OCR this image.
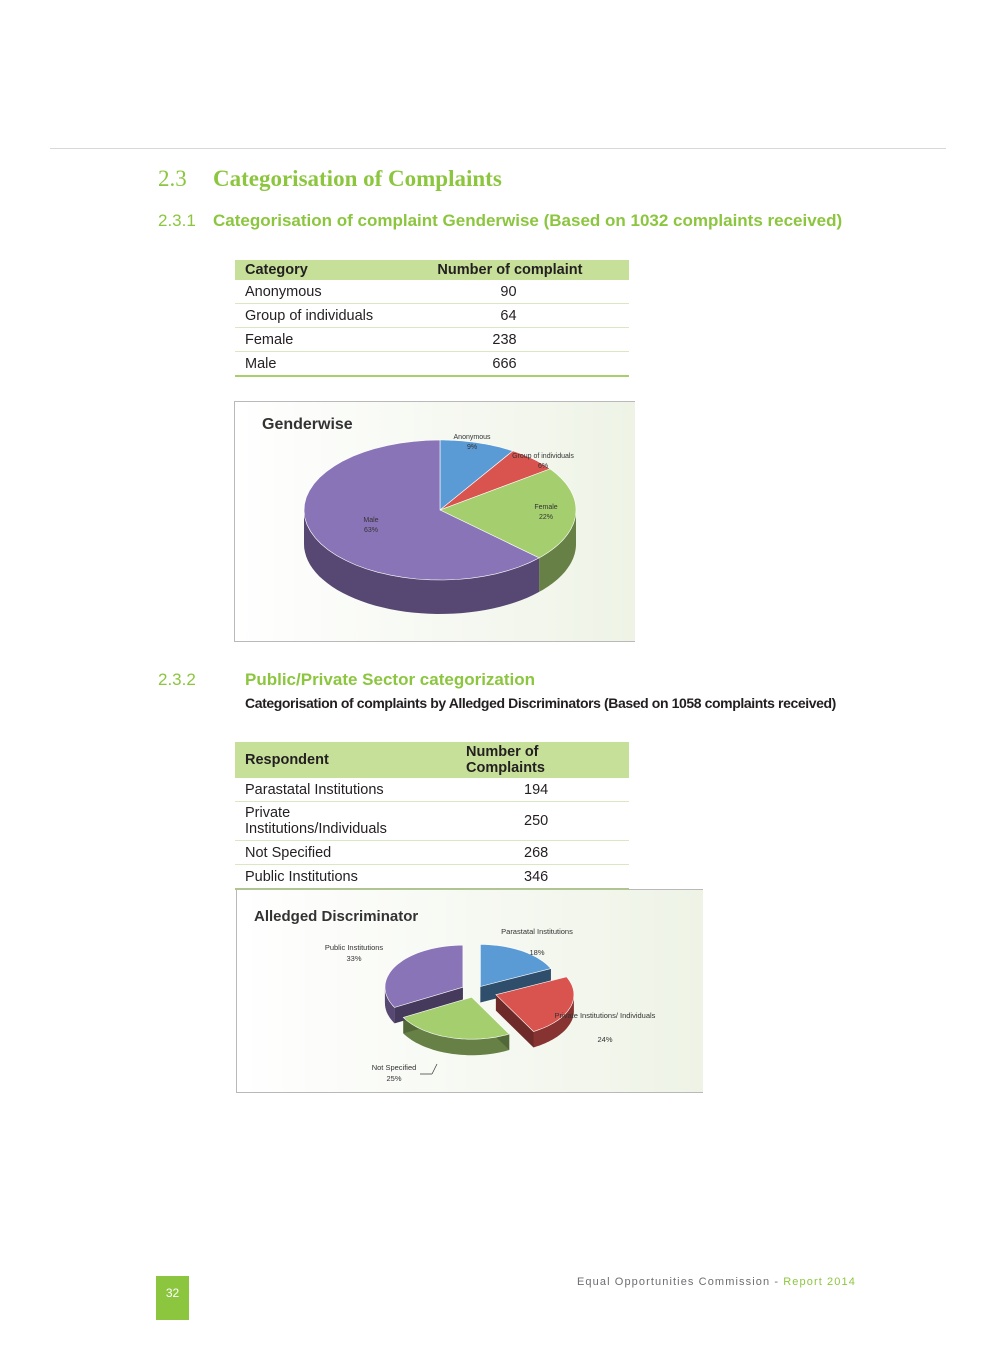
2.3 Categorisation of Complaints
2.3.1 Categorisation of complaint Genderwise (Based on 1032 complaints received)
Category	Number of complaint
Anonymous	90
Group of individuals	64
Female	238
Male	666
Genderwise
Anonymous
9%
Group of individuals
6%
Female
22%
Male
63%
2.3.2	Public/Private Sector categorization
Categorisation of complaints by Alledged Discriminators (Based on 1058 complaints received)
Respondent	Number of Complaints
Parastatal Institutions	194
Private Institutions/Individuals	250
Not Specified	268
Public Institutions	346
Alledged Discriminator
Parastatal Institutions
18%
Private Institutions/ Individuals
24%
Not Specified
25%
Public Institutions
33%
Equal Opportunities Commission - Report 2014
32
